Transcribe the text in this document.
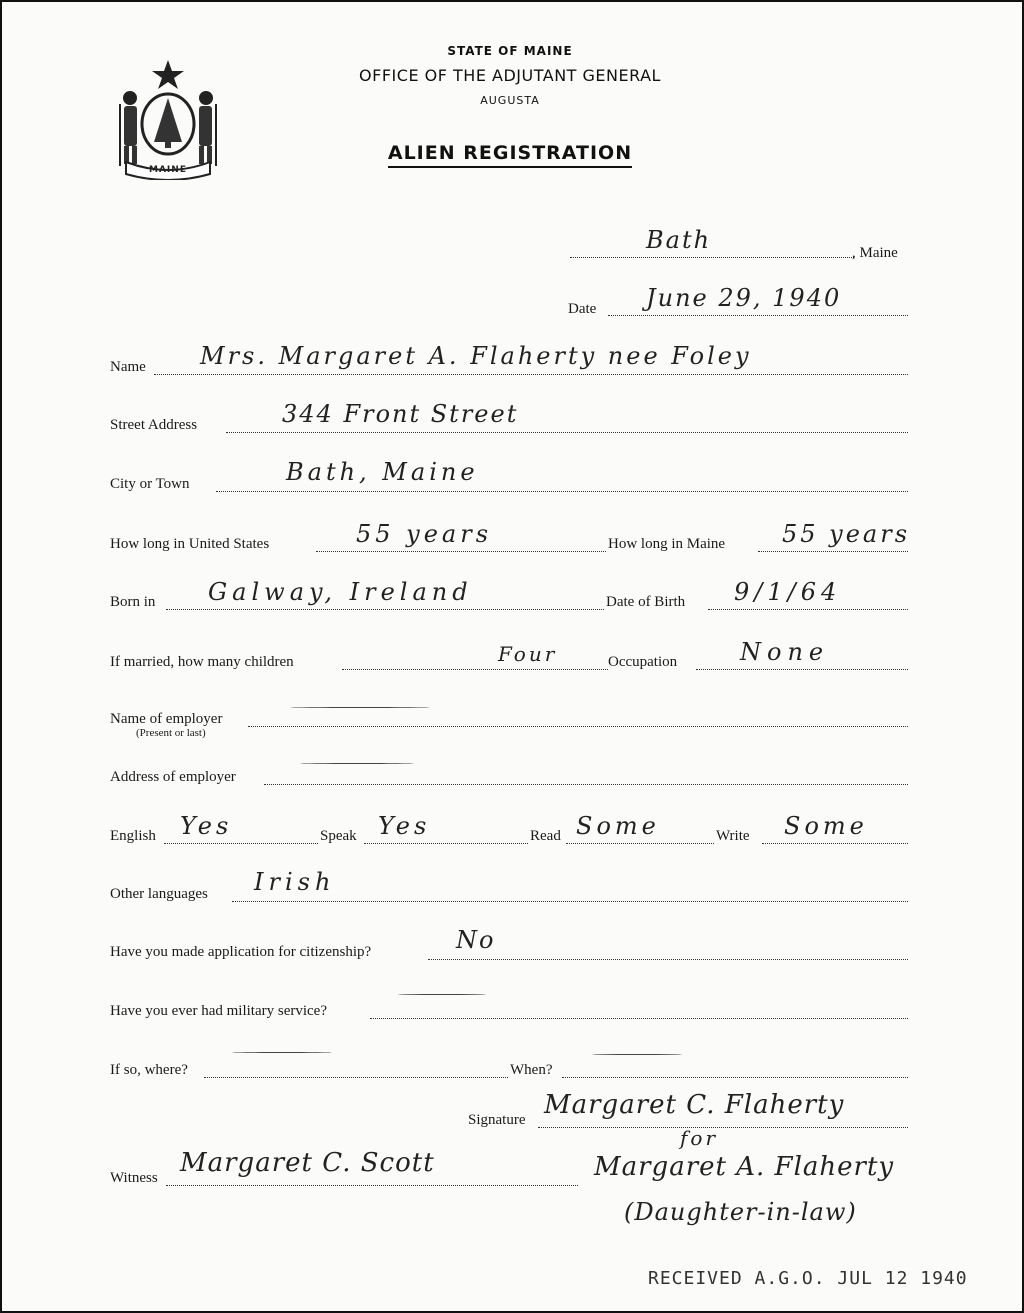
MAINE
STATE OF MAINE
OFFICE OF THE ADJUTANT GENERAL
AUGUSTA
ALIEN REGISTRATION
Bath	, Maine
Date June 29, 1940
Name Mrs. Margaret A. Flaherty nee Foley
Street Address	344 Front Street
City or Town	Bath, Maine
How long in United States	55 years	How long in Maine 55 years
Born in Galway, Ireland	Date of Birth 9/1/64
If married, how many children	Four	Occupation	None
Name of employer
(Present or last)
Address of employer
English Yes	Speak Yes	Read Some	Write Some
Other languages Irish
Have you made application for citizenship?	No
Have you ever had military service?
If so, where?	When?
Signature Margaret C. Flaherty
for
Witness Margaret C. Scott	Margaret A. Flaherty
(Daughter-in-law)
RECEIVED A.G.O. JUL 12 1940
